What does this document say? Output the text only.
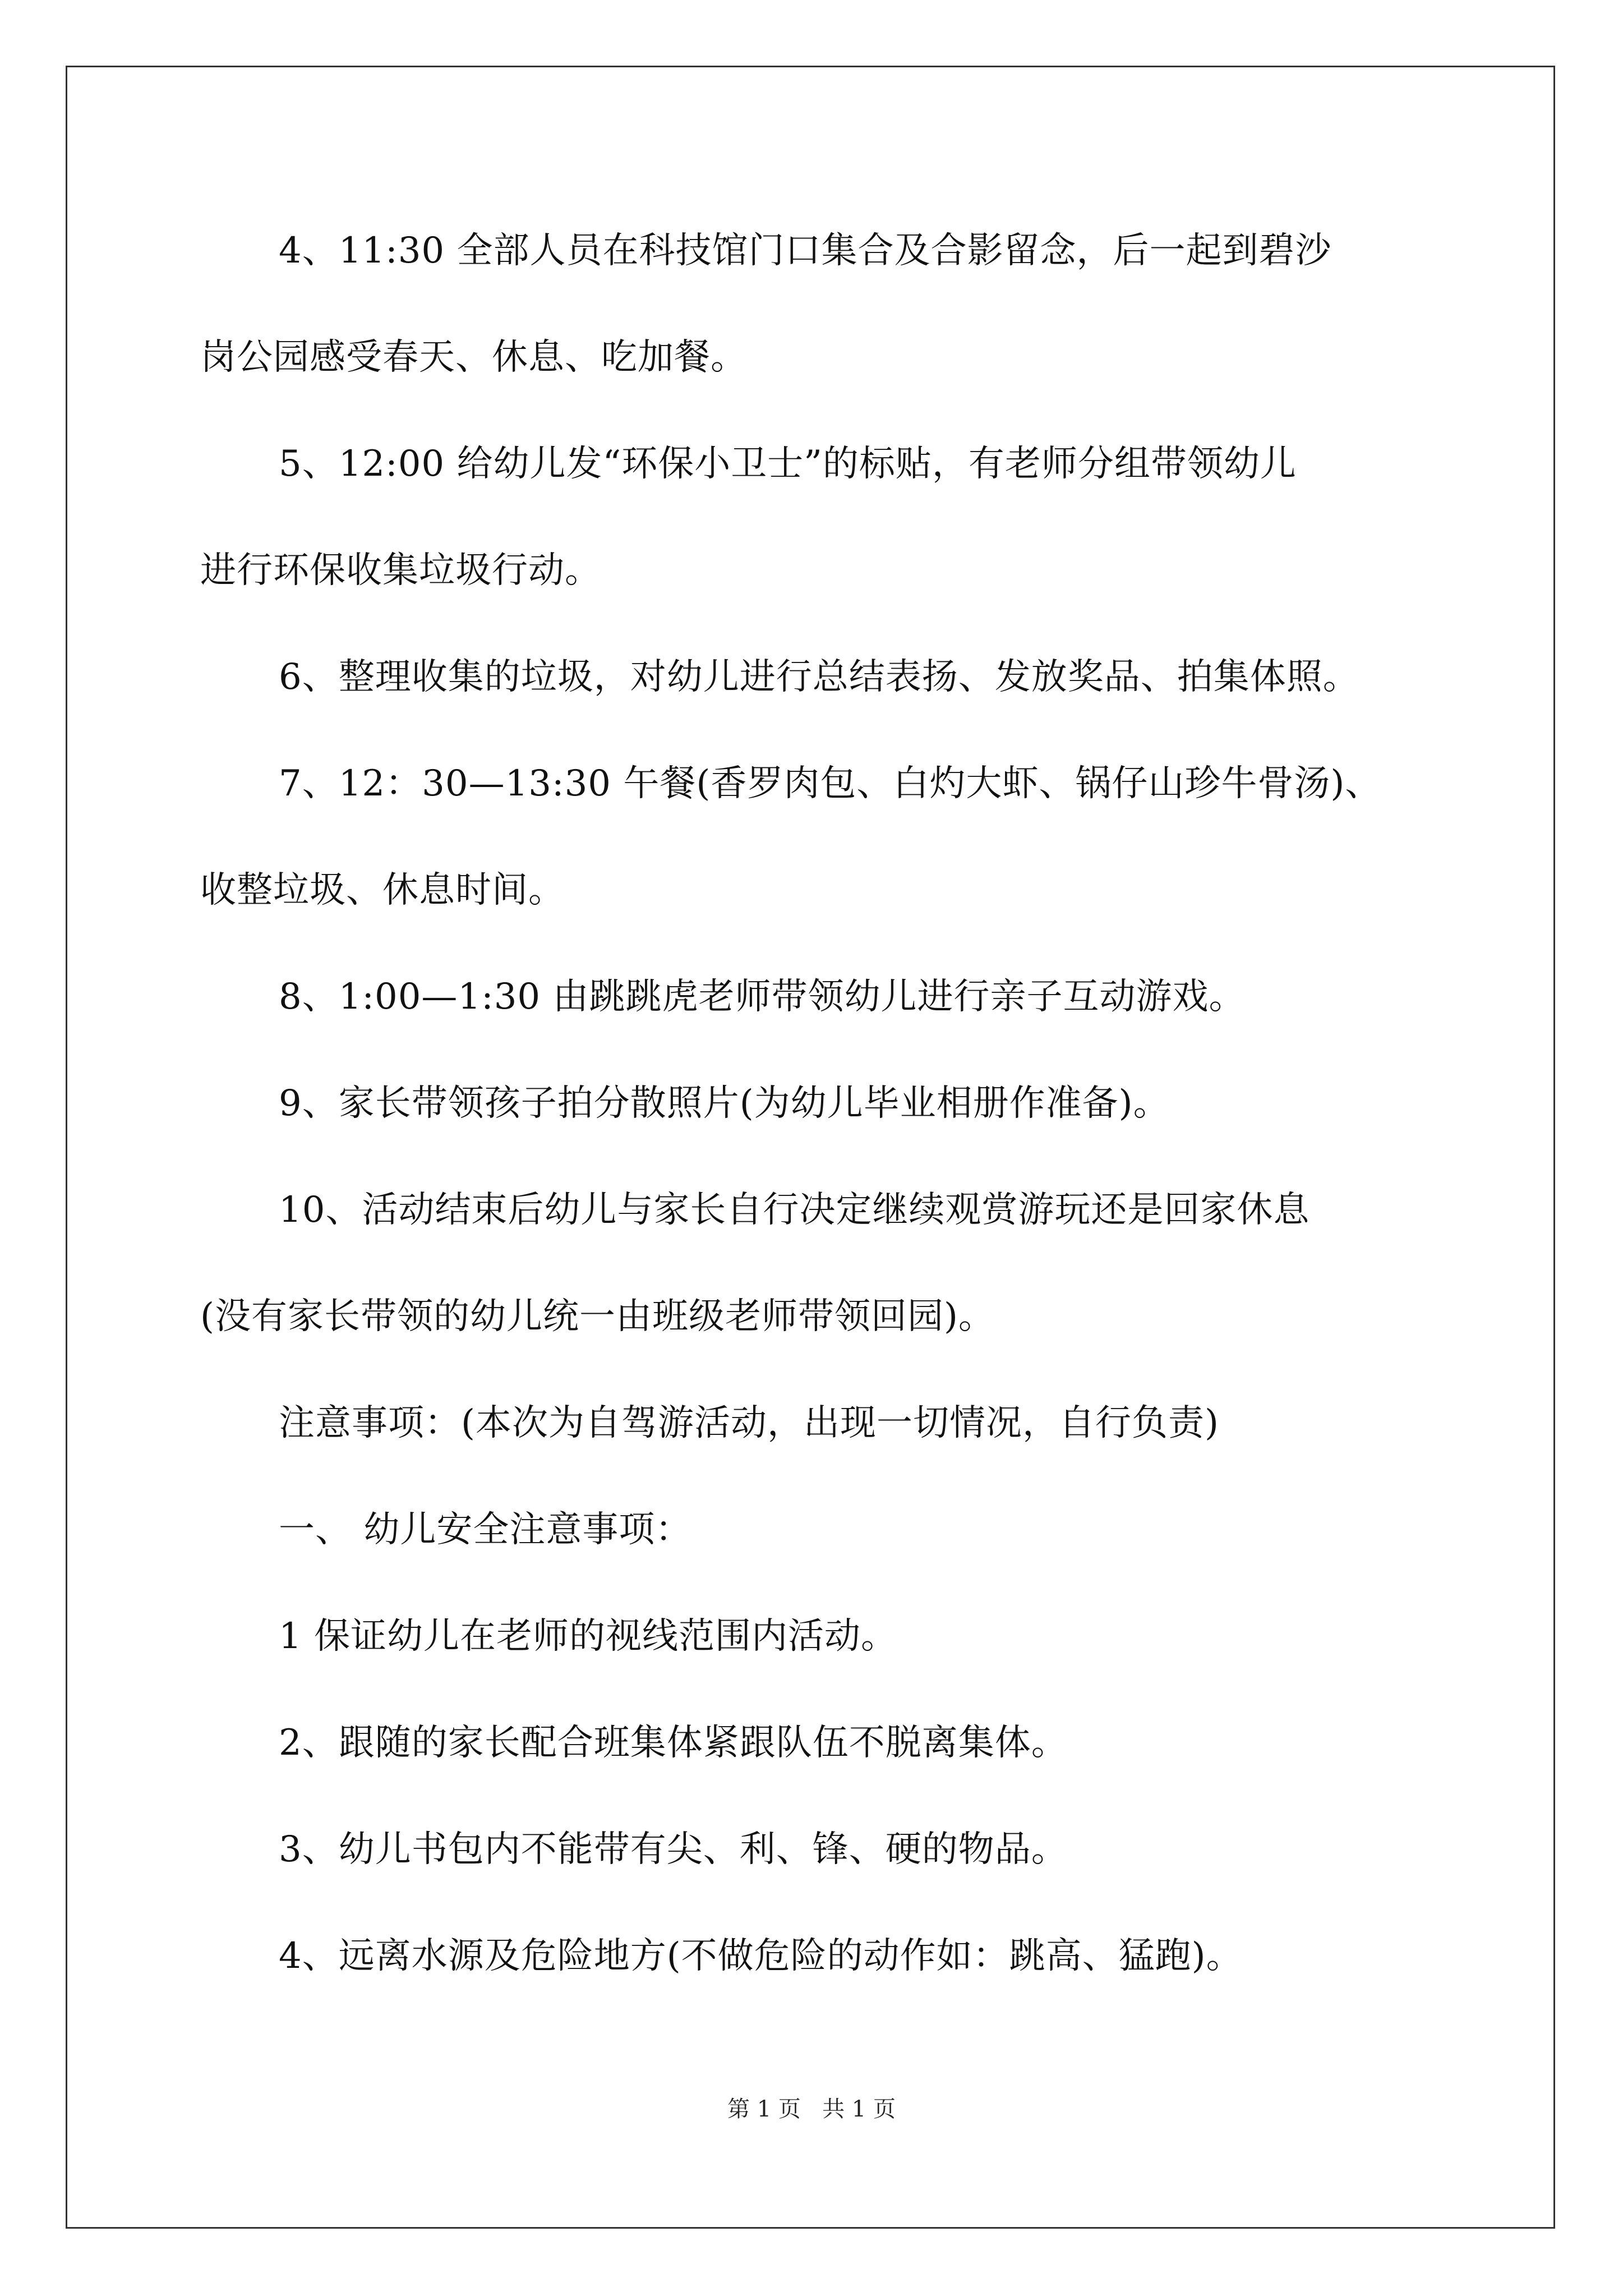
4、11:30 全部人员在科技馆门口集合及合影留念，后一起到碧沙

岗公园感受春天、休息、吃加餐。

5、12:00 给幼儿发“环保小卫士”的标贴，有老师分组带领幼儿

进行环保收集垃圾行动。

6、整理收集的垃圾，对幼儿进行总结表扬、发放奖品、拍集体照。

7、12：30—13:30 午餐(香罗肉包、白灼大虾、锅仔山珍牛骨汤)、

收整垃圾、休息时间。

8、1:00—1:30 由跳跳虎老师带领幼儿进行亲子互动游戏。

9、家长带领孩子拍分散照片(为幼儿毕业相册作准备)。

10、活动结束后幼儿与家长自行决定继续观赏游玩还是回家休息

(没有家长带领的幼儿统一由班级老师带领回园)。

注意事项：(本次为自驾游活动，出现一切情况，自行负责)

一、 幼儿安全注意事项：

1 保证幼儿在老师的视线范围内活动。

2、跟随的家长配合班集体紧跟队伍不脱离集体。

3、幼儿书包内不能带有尖、利、锋、硬的物品。

4、远离水源及危险地方(不做危险的动作如：跳高、猛跑)。

第 1 页   共 1 页
